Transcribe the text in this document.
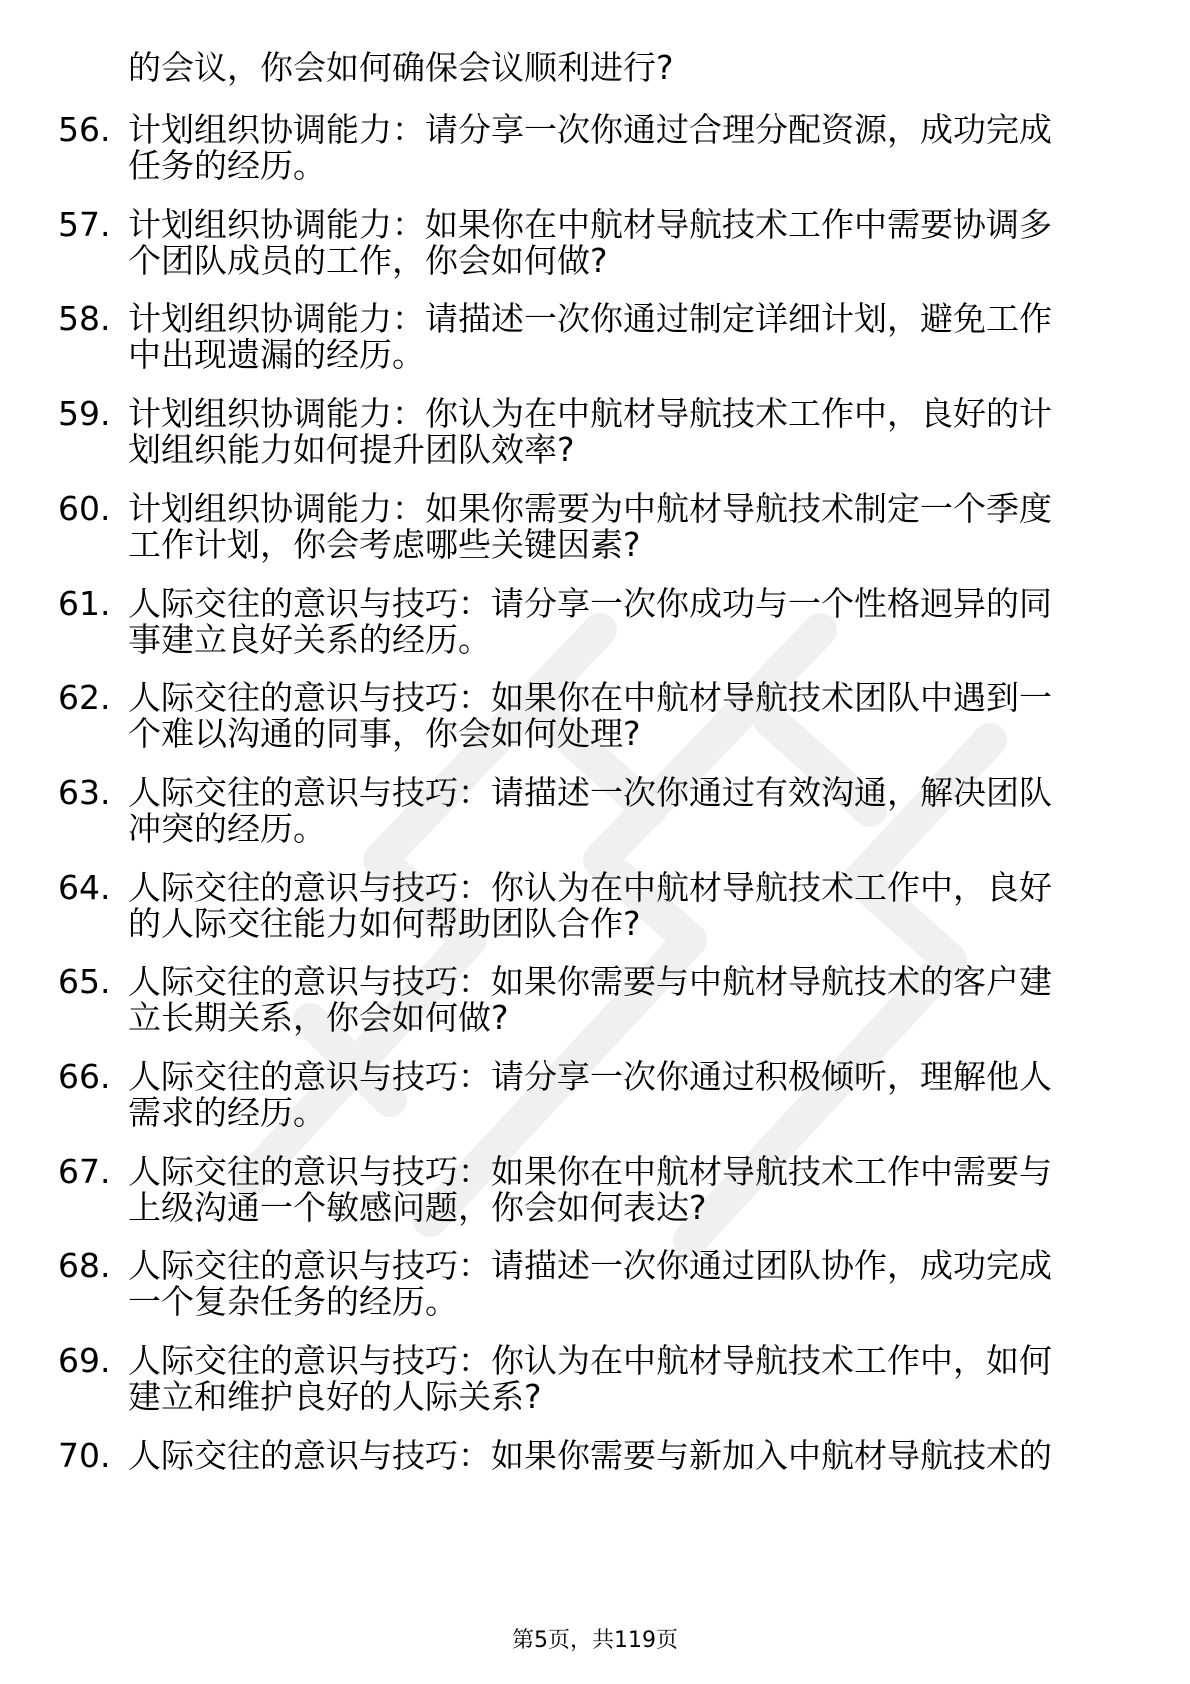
的会议，你会如何确保会议顺利进行?
56. 计划组织协调能力：请分享一次你通过合理分配资源，成功完成
任务的经历。
57. 计划组织协调能力：如果你在中航材导航技术工作中需要协调多
个团队成员的工作，你会如何做?
58. 计划组织协调能力：请描述一次你通过制定详细计划，避免工作
中出现遗漏的经历。
59. 计划组织协调能力：你认为在中航材导航技术工作中，良好的计
划组织能力如何提升团队效率?
60. 计划组织协调能力：如果你需要为中航材导航技术制定一个季度
工作计划，你会考虑哪些关键因素?
61. 人际交往的意识与技巧：请分享一次你成功与一个性格迥异的同
事建立良好关系的经历。
62. 人际交往的意识与技巧：如果你在中航材导航技术团队中遇到一
个难以沟通的同事，你会如何处理?
63. 人际交往的意识与技巧：请描述一次你通过有效沟通，解决团队
冲突的经历。
64. 人际交往的意识与技巧：你认为在中航材导航技术工作中，良好
的人际交往能力如何帮助团队合作?
65. 人际交往的意识与技巧：如果你需要与中航材导航技术的客户建
立长期关系，你会如何做?
66. 人际交往的意识与技巧：请分享一次你通过积极倾听，理解他人
需求的经历。
67. 人际交往的意识与技巧：如果你在中航材导航技术工作中需要与
上级沟通一个敏感问题，你会如何表达?
68. 人际交往的意识与技巧：请描述一次你通过团队协作，成功完成
一个复杂任务的经历。
69. 人际交往的意识与技巧：你认为在中航材导航技术工作中，如何
建立和维护良好的人际关系?
70. 人际交往的意识与技巧：如果你需要与新加入中航材导航技术的
第5页，共119页
